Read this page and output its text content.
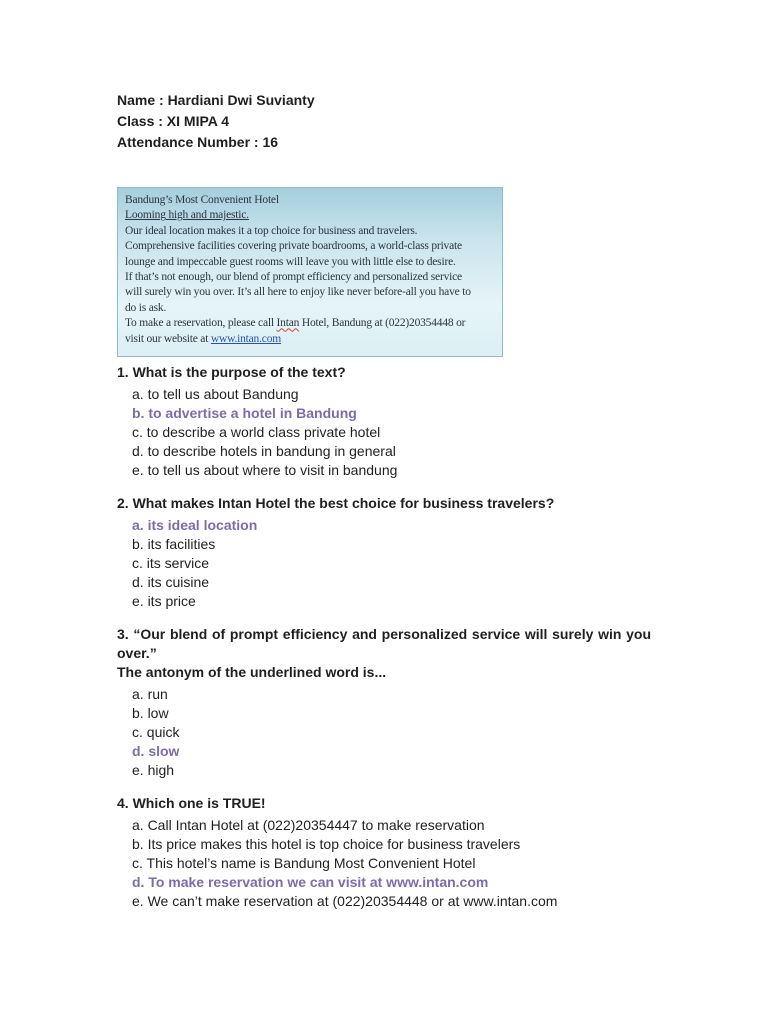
Name : Hardiani Dwi Suvianty
Class : XI MIPA 4
Attendance Number : 16
Bandung’s Most Convenient Hotel
Looming high and majestic.
Our ideal location makes it a top choice for business and travelers.
Comprehensive facilities covering private boardrooms, a world-class private
lounge and impeccable guest rooms will leave you with little else to desire.
If that’s not enough, our blend of prompt efficiency and personalized service
will surely win you over. It’s all here to enjoy like never before-all you have to
do is ask.
To make a reservation, please call Intan Hotel, Bandung at (022)20354448 or
visit our website at www.intan.com
1. What is the purpose of the text?
a. to tell us about Bandung
b. to advertise a hotel in Bandung
c. to describe a world class private hotel
d. to describe hotels in bandung in general
e. to tell us about where to visit in bandung
2. What makes Intan Hotel the best choice for business travelers?
a. its ideal location
b. its facilities
c. its service
d. its cuisine
e. its price
3. “Our blend of prompt efficiency and personalized service will surely win you over.”
The antonym of the underlined word is...
a. run
b. low
c. quick
d. slow
e. high
4. Which one is TRUE!
a. Call Intan Hotel at (022)20354447 to make reservation
b. Its price makes this hotel is top choice for business travelers
c. This hotel’s name is Bandung Most Convenient Hotel
d. To make reservation we can visit at www.intan.com
e. We can’t make reservation at (022)20354448 or at www.intan.com
